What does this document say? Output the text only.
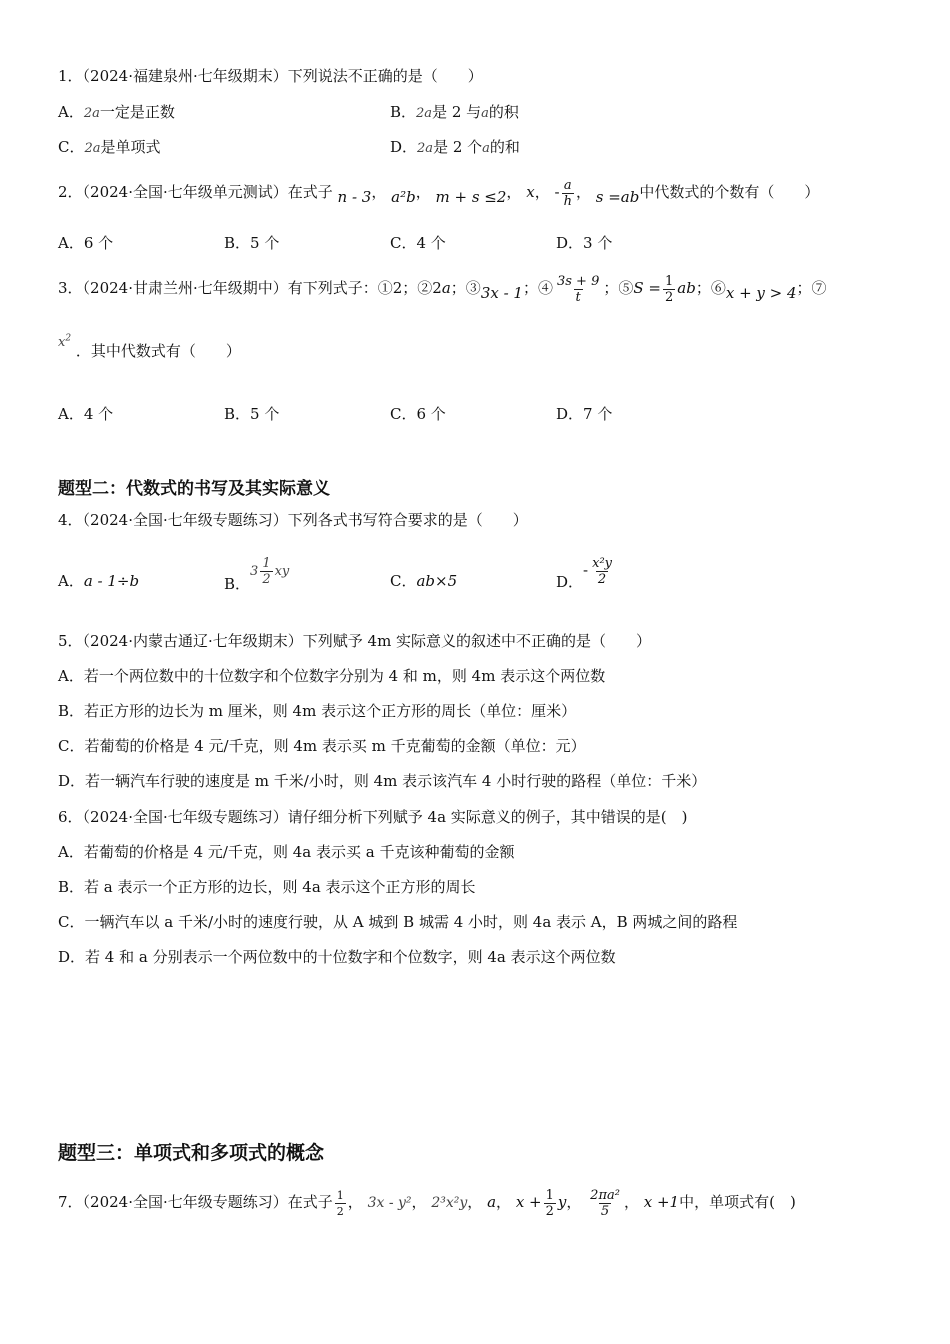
1．（2024·福建泉州·七年级期末）下列说法不正确的是（　　）
A．2a一定是正数	B．2a是 2 与a的积
C．2a是单项式	D．2a是 2 个a的和
2．（2024·全国·七年级单元测试）在式子 n - 3， a²b， m + s ≤2， x， - $\frac{a}{h}$ ， s =ab中代数式的个数有（　　）
A．6 个	B．5 个	C．4 个	D．3 个
3．（2024·甘肃兰州·七年级期中）有下列式子：①2；②2a；③3x - 1；④ $\frac{3s + 9}{t}$ ；⑤S = $\frac{1}{2}$ ab；⑥x + y > 4；⑦
$x^2$ ．其中代数式有（　　）
A．4 个	B．5 个	C．6 个	D．7 个
题型二：代数式的书写及其实际意义
4．（2024·全国·七年级专题练习）下列各式书写符合要求的是（　　）
A．a - 1÷b	B．$3 \frac{1}{2}$ xy
C．ab×5	D．- $\frac{\text{x²y}}{2}$
5．（2024·内蒙古通辽·七年级期末）下列赋予 4m 实际意义的叙述中不正确的是（　　）
A．若一个两位数中的十位数字和个位数字分别为 4 和 m，则 4m 表示这个两位数
B．若正方形的边长为 m 厘米，则 4m 表示这个正方形的周长（单位：厘米）
C．若葡萄的价格是 4 元/千克，则 4m 表示买 m 千克葡萄的金额（单位：元）
D．若一辆汽车行驶的速度是 m 千米/小时，则 4m 表示该汽车 4 小时行驶的路程（单位：千米）
6．（2024·全国·七年级专题练习）请仔细分析下列赋予 4a 实际意义的例子，其中错误的是(　)
A．若葡萄的价格是 4 元/千克，则 4a 表示买 a 千克该种葡萄的金额
B．若 a 表示一个正方形的边长，则 4a 表示这个正方形的周长
C．一辆汽车以 a 千米/小时的速度行驶，从 A 城到 B 城需 4 小时，则 4a 表示 A，B 两城之间的路程
D．若 4 和 a 分别表示一个两位数中的十位数字和个位数字，则 4a 表示这个两位数
题型三：单项式和多项式的概念
7．（2024·全国·七年级专题练习）在式子 $\frac{1}{2}$ ， 3x - y²， 2³x²y， a， $x + \frac{1}{2}$ y， $\frac{\text{2πa²}}{5}$ ， x +1中，单项式有(　)
